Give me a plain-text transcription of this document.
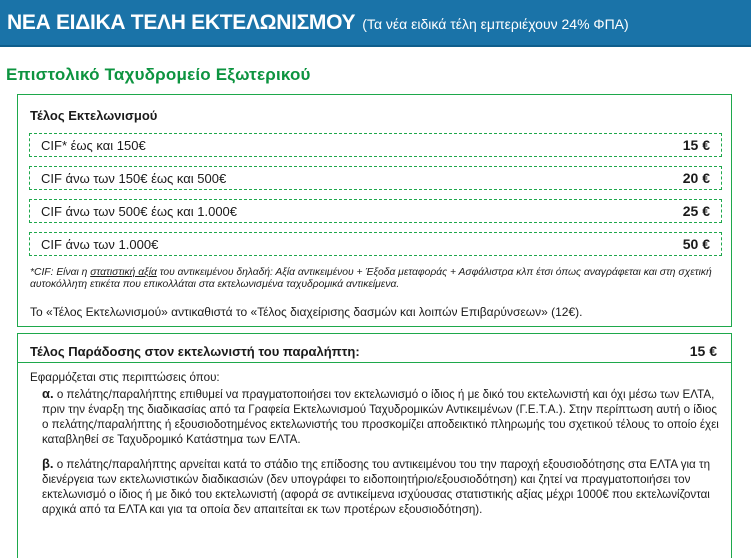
ΝΕΑ ΕΙΔΙΚΑ ΤΕΛΗ ΕΚΤΕΛΩΝΙΣΜΟΥ (Τα νέα ειδικά τέλη εμπεριέχουν 24% ΦΠΑ)
Επιστολικό Ταχυδρομείο Εξωτερικού
Τέλος Εκτελωνισμού
CIF* έως και 150€	15 €
CIF άνω των 150€ έως και 500€	20 €
CIF άνω των 500€ έως και 1.000€	25 €
CIF άνω των 1.000€	50 €
*CIF: Είναι η στατιστική αξία του αντικειμένου δηλαδή: Αξία αντικειμένου + Έξοδα μεταφοράς + Ασφάλιστρα κλπ έτσι όπως αναγράφεται και στη σχετική αυτοκόλλητη ετικέτα που επικολλάται στα εκτελωνισμένα ταχυδρομικά αντικείμενα.
Το «Τέλος Εκτελωνισμού» αντικαθιστά το «Τέλος διαχείρισης δασμών και λοιπών Επιβαρύνσεων» (12€).
Τέλος Παράδοσης στον εκτελωνιστή του παραλήπτη:	15 €
Εφαρμόζεται στις περιπτώσεις όπου:
α. ο πελάτης/παραλήπτης επιθυμεί να πραγματοποιήσει τον εκτελωνισμό ο ίδιος ή με δικό του εκτελωνιστή και όχι μέσω των ΕΛΤΑ, πριν την έναρξη της διαδικασίας από τα Γραφεία Εκτελωνισμού Ταχυδρομικών Αντικειμένων (Γ.Ε.Τ.Α.). Στην περίπτωση αυτή ο ίδιος ο πελάτης/παραλήπτης ή εξουσιοδοτημένος εκτελωνιστής του προσκομίζει αποδεικτικό πληρωμής του σχετικού τέλους το οποίο έχει καταβληθεί σε Ταχυδρομικό Κατάστημα των ΕΛΤΑ.
β. ο πελάτης/παραλήπτης αρνείται κατά το στάδιο της επίδοσης του αντικειμένου του την παροχή εξουσιοδότησης στα ΕΛΤΑ για τη διενέργεια των εκτελωνιστικών διαδικασιών (δεν υπογράφει το ειδοποιητήριο/εξουσιοδότηση) και ζητεί να πραγματοποιήσει τον εκτελωνισμό ο ίδιος ή με δικό του εκτελωνιστή (αφορά σε αντικείμενα ισχύουσας στατιστικής αξίας μέχρι 1000€ που εκτελωνίζονται αρχικά από τα ΕΛΤΑ και για τα οποία δεν απαιτείται εκ των προτέρων εξουσιοδότηση).
